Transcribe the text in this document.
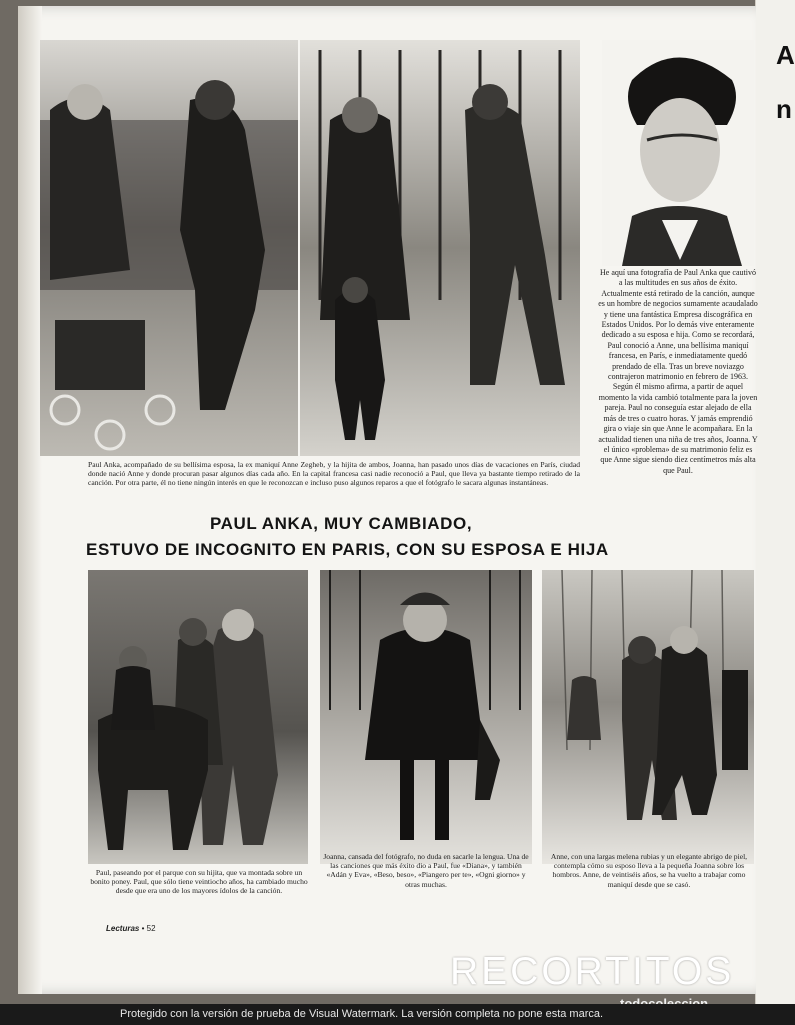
A
n
Paul Anka, acompañado de su bellísima esposa, la ex maniquí Anne Zegheb, y la hijita de ambos, Joanna, han pasado unos días de vacaciones en París, ciudad donde nació Anne y donde procuran pasar algunos días cada año. En la capital francesa casi nadie reconoció a Paul, que lleva ya bastante tiempo retirado de la canción. Por otra parte, él no tiene ningún interés en que le reconozcan e incluso puso algunos reparos a que el fotógrafo le sacara algunas instantáneas.
He aquí una fotografía de Paul Anka que cautivó a las multitudes en sus años de éxito. Actualmente está retirado de la canción, aunque es un hombre de negocios sumamente acaudalado y tiene una fantástica Empresa discográfica en Estados Unidos. Por lo demás vive enteramente dedicado a su esposa e hija. Como se recordará, Paul conoció a Anne, una bellísima maniquí francesa, en París, e inmediatamente quedó prendado de ella. Tras un breve noviazgo contrajeron matrimonio en febrero de 1963. Según él mismo afirma, a partir de aquel momento la vida cambió totalmente para la joven pareja. Paul no conseguía estar alejado de ella más de tres o cuatro horas. Y jamás emprendió gira o viaje sin que Anne le acompañara. En la actualidad tienen una niña de tres años, Joanna. Y el único «problema» de su matrimonio feliz es que Anne sigue siendo diez centímetros más alta que Paul.
PAUL ANKA, MUY CAMBIADO,
ESTUVO DE INCOGNITO EN PARIS, CON SU ESPOSA E HIJA
Paul, paseando por el parque con su hijita, que va montada sobre un bonito poney. Paul, que sólo tiene veintiocho años, ha cambiado mucho desde que era uno de los mayores ídolos de la canción.
Joanna, cansada del fotógrafo, no duda en sacarle la lengua. Una de las canciones que más éxito dio a Paul, fue «Diana», y también «Adán y Eva», «Beso, beso», «Piangero per te», «Ogni giorno» y otras muchas.
Anne, con una largas melena rubias y un elegante abrigo de piel, contempla cómo su esposo lleva a la pequeña Joanna sobre los hombros. Anne, de veintiséis años, se ha vuelto a trabajar como maniquí desde que se casó.
Lecturas • 52
RECORTITOS
Protegido con la versión de prueba de Visual Watermark. La versión completa no pone esta marca.
